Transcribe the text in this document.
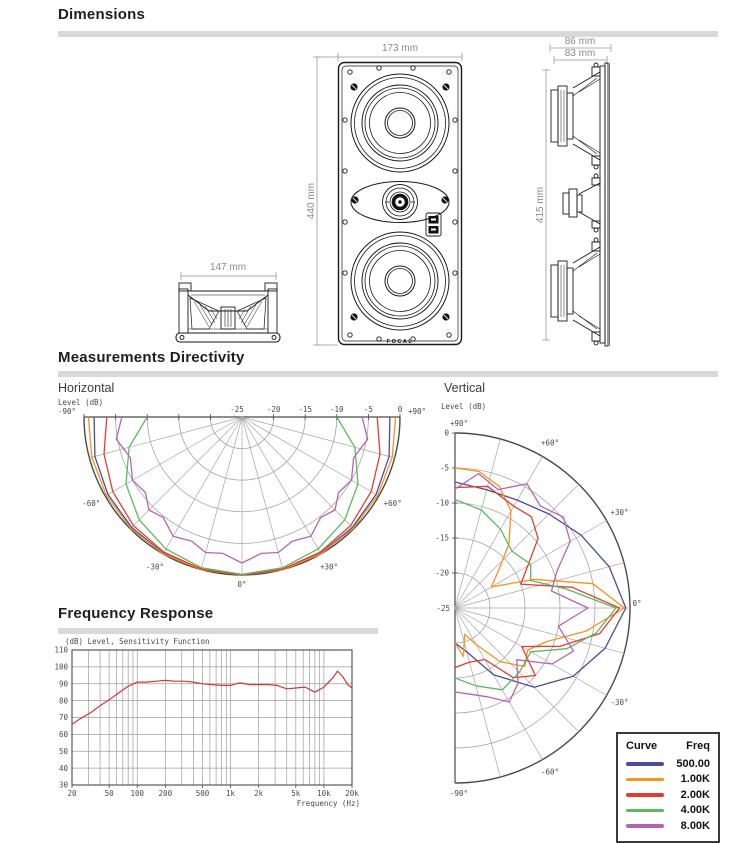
Dimensions
173 mm
440 mm
86 mm
83 mm
415 mm
147 mm
FOCAL
Measurements Directivity
Horizontal	Vertical
-20 -15 -10	-5	0
-25
-90°
-60°
-30°
0°
+30°
+60°
+90°
Level (dB)
-20
-15
-10
-5
0
-25
+90°
+60°
+30°
0°
-30°
-60°
-90°
Level (dB)
Frequency Response
110
100
90
80
70
60
50
40
30
20	50 100 200	500 1k	2k	5k 10k 20k
(dB) Level, Sensitivity Function
Frequency (Hz)
Curve	Freq
500.00
1.00K
2.00K
4.00K
8.00K
